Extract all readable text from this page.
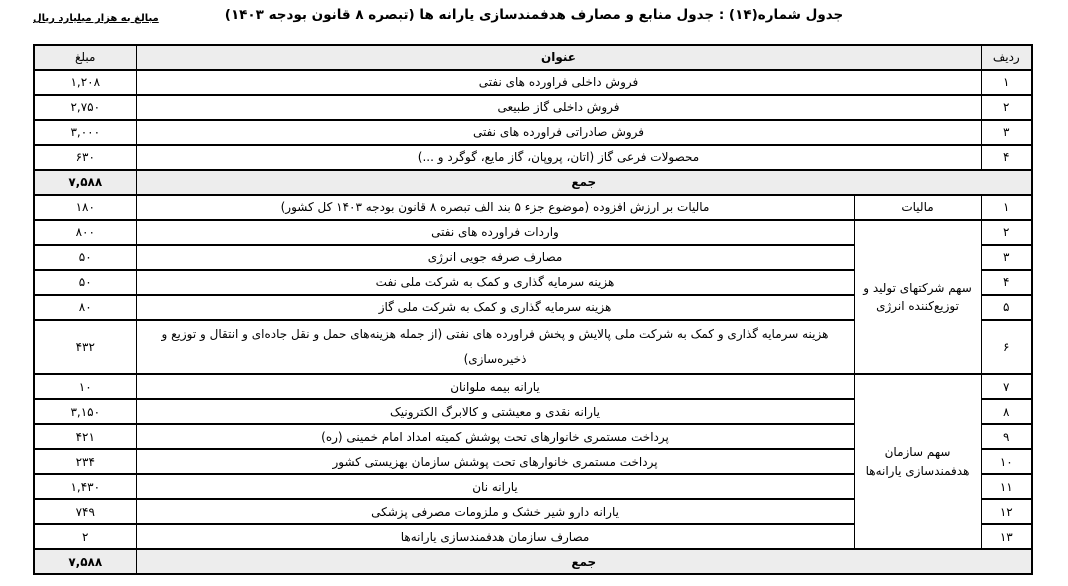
مبالغ به هزار میلیارد ریال	جدول شماره(۱۴) : جدول منابع و مصارف هدفمندسازی یارانه ها (تبصره ۸ قانون بودجه ۱۴۰۳)
ردیف	عنوان		مبلغ
۱	فروش داخلی فراورده های نفتی		۱,۲۰۸
۲	فروش داخلی گاز طبیعی		۲,۷۵۰
۳	فروش صادراتی فراورده های نفتی		۳,۰۰۰
۴	محصولات فرعی گاز (اتان، پروپان، گاز مایع، گوگرد و ...)		۶۳۰
جمع			۷,۵۸۸
۱	مالیات	مالیات بر ارزش افزوده (موضوع جزء ۵ بند الف تبصره ۸ قانون بودجه ۱۴۰۳ کل کشور)	۱۸۰
۲	سهم شرکتهای تولید و توزیع‌کننده انرژی	واردات فراورده های نفتی	۸۰۰
۳		مصارف صرفه جویی انرژی	۵۰
۴		هزینه سرمایه گذاری و کمک به شرکت ملی نفت	۵۰
۵		هزینه سرمایه گذاری و کمک به شرکت ملی گاز	۸۰
۶		هزینه سرمایه گذاری و کمک به شرکت ملی پالایش و پخش فراورده های نفتی (از جمله هزینه‌های حمل و نقل جاده‌ای و انتقال و توزیع و ذخیره‌سازی)	۴۳۲
۷	سهم سازمان هدفمندسازی یارانه‌ها	یارانه بیمه ملوانان	۱۰
۸		یارانه نقدی و معیشتی و کالابرگ الکترونیک	۳,۱۵۰
۹		پرداخت مستمری خانوارهای تحت پوشش کمیته امداد امام خمینی (ره)	۴۲۱
۱۰		پرداخت مستمری خانوارهای تحت پوشش سازمان بهزیستی کشور	۲۳۴
۱۱		یارانه نان	۱,۴۳۰
۱۲		یارانه دارو شیر خشک و ملزومات مصرفی پزشکی	۷۴۹
۱۳		مصارف سازمان هدفمندسازی یارانه‌ها	۲
جمع			۷,۵۸۸
